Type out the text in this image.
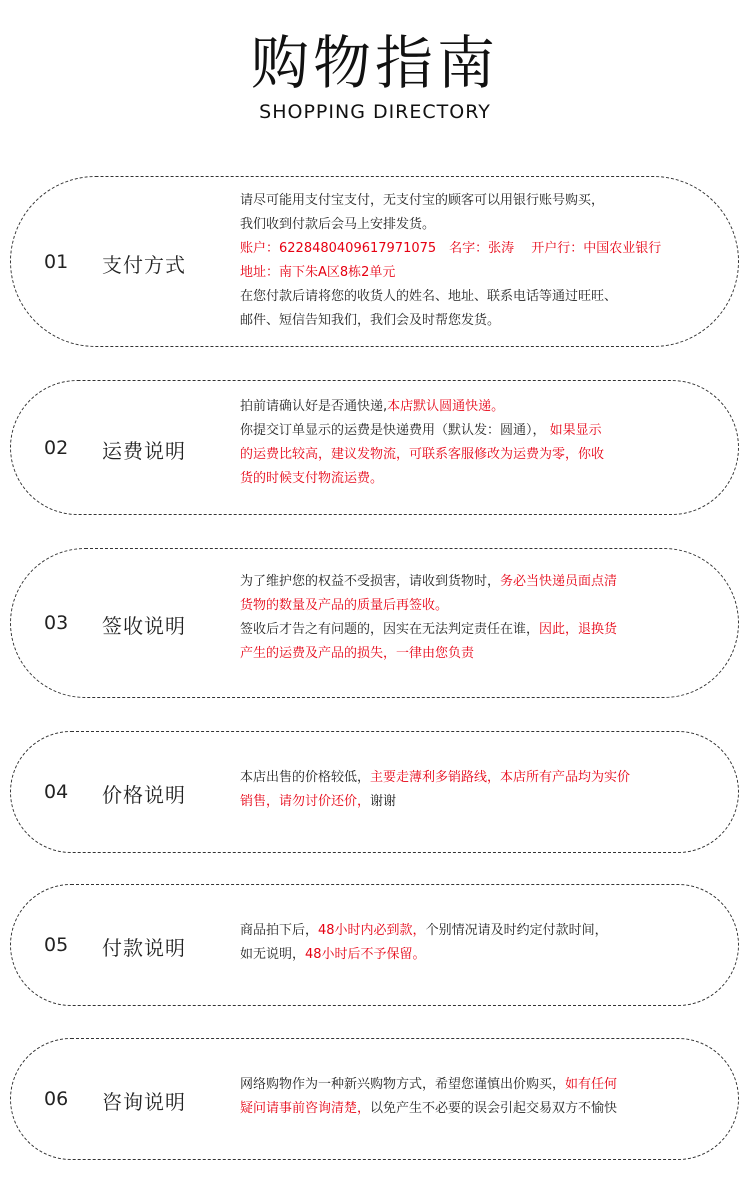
购物指南
SHOPPING DIRECTORY
01 支付方式

请尽可能用支付宝支付，无支付宝的顾客可以用银行账号购买，

我们收到付款后会马上安排发货。

账户：6228480409617971075　名字：张涛　 开户行：中国农业银行

地址：南下朱A区8栋2单元

在您付款后请将您的收货人的姓名、地址、联系电话等通过旺旺、

邮件、短信告知我们，我们会及时帮您发货。

02 运费说明

拍前请确认好是否通快递,本店默认圆通快递。

你提交订单显示的运费是快递费用（默认发：圆通）， 如果显示

的运费比较高，建议发物流，可联系客服修改为运费为零，你收

货的时候支付物流运费。

03 签收说明

为了维护您的权益不受损害，请收到货物时，务必当快递员面点清

货物的数量及产品的质量后再签收。

签收后才告之有问题的，因实在无法判定责任在谁，因此，退换货

产生的运费及产品的损失，一律由您负责

04 价格说明

本店出售的价格较低，主要走薄利多销路线，本店所有产品均为实价

销售，请勿讨价还价，谢谢

05 付款说明

商品拍下后，48小时内必到款，个别情况请及时约定付款时间，

如无说明，48小时后不予保留。

06 咨询说明

网络购物作为一种新兴购物方式，希望您谨慎出价购买，如有任何

疑问请事前咨询清楚，以免产生不必要的误会引起交易双方不愉快
